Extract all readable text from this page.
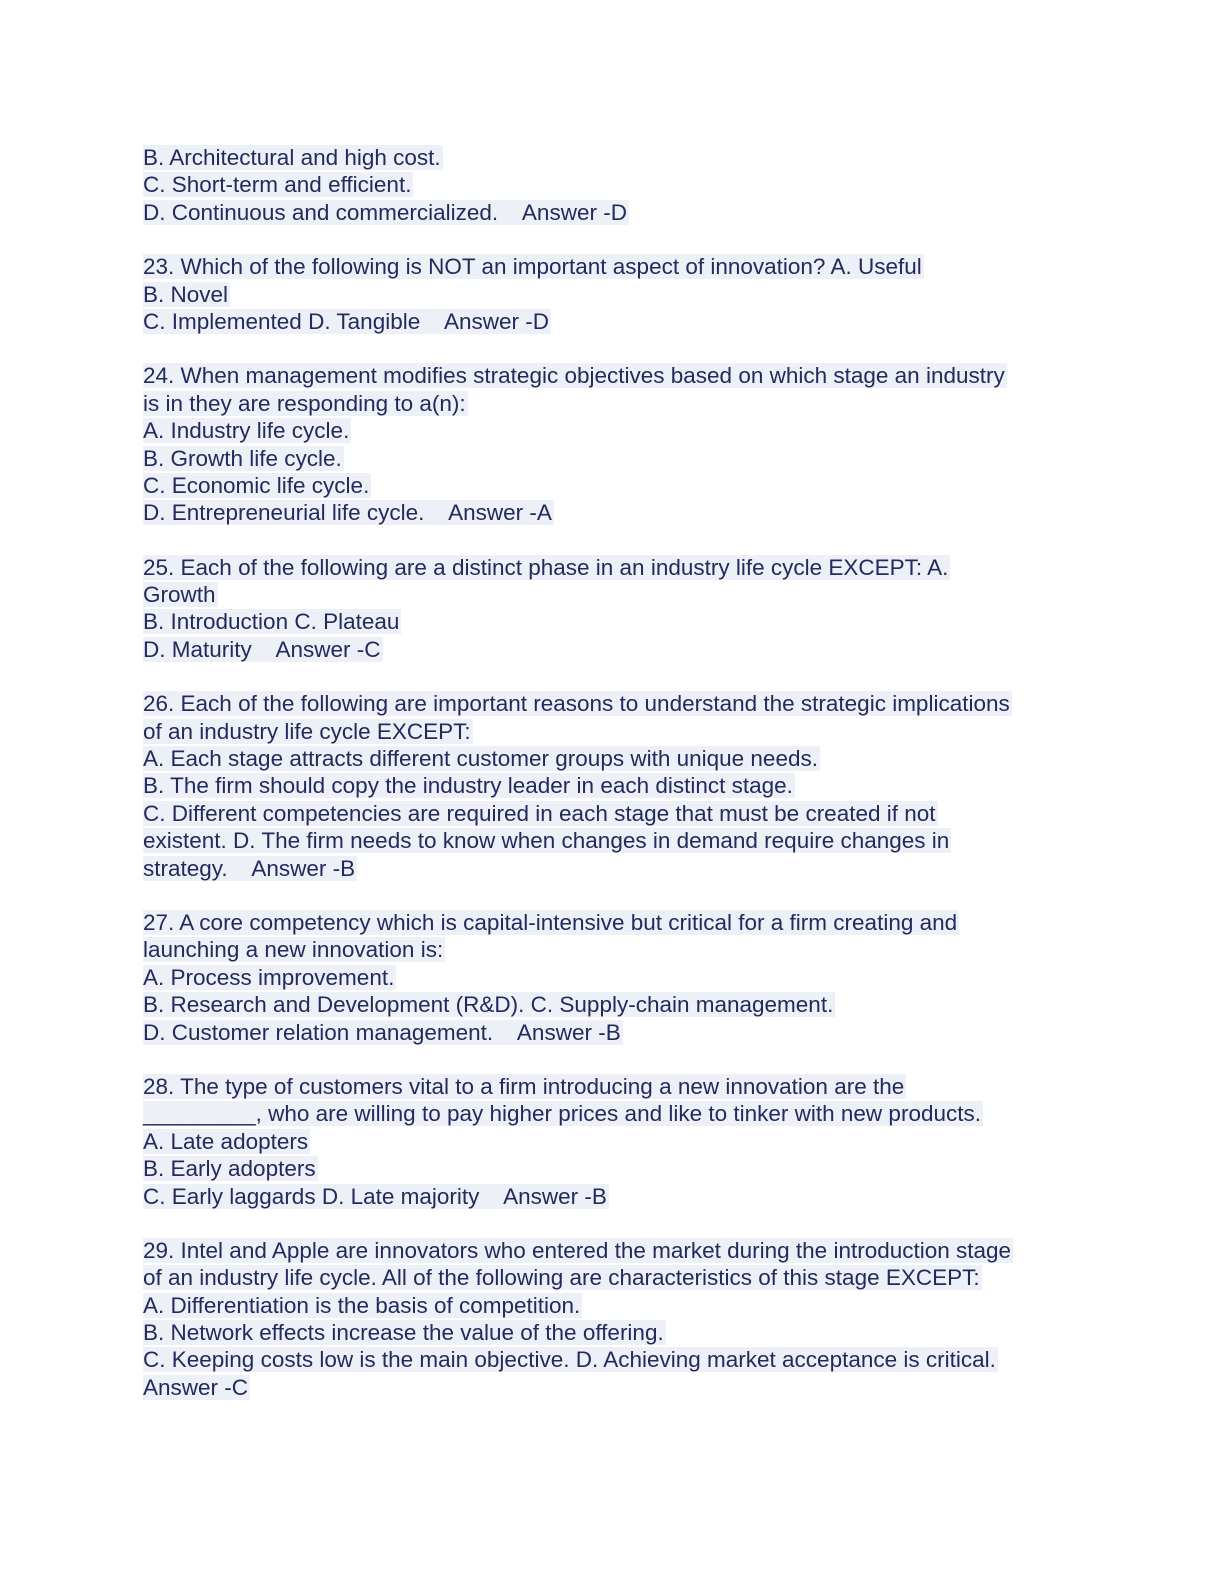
B. Architectural and high cost.
C. Short-term and efficient.
D. Continuous and commercialized.    Answer -D
23. Which of the following is NOT an important aspect of innovation? A. Useful
B. Novel
C. Implemented D. Tangible    Answer -D
24. When management modifies strategic objectives based on which stage an industry
is in they are responding to a(n):
A. Industry life cycle.
B. Growth life cycle.
C. Economic life cycle.
D. Entrepreneurial life cycle.    Answer -A
25. Each of the following are a distinct phase in an industry life cycle EXCEPT: A.
Growth
B. Introduction C. Plateau
D. Maturity    Answer -C
26. Each of the following are important reasons to understand the strategic implications
of an industry life cycle EXCEPT:
A. Each stage attracts different customer groups with unique needs.
B. The firm should copy the industry leader in each distinct stage.
C. Different competencies are required in each stage that must be created if not
existent. D. The firm needs to know when changes in demand require changes in
strategy.    Answer -B
27. A core competency which is capital-intensive but critical for a firm creating and
launching a new innovation is:
A. Process improvement.
B. Research and Development (R&D). C. Supply-chain management.
D. Customer relation management.    Answer -B
28. The type of customers vital to a firm introducing a new innovation are the
_________, who are willing to pay higher prices and like to tinker with new products.
A. Late adopters
B. Early adopters
C. Early laggards D. Late majority    Answer -B
29. Intel and Apple are innovators who entered the market during the introduction stage
of an industry life cycle. All of the following are characteristics of this stage EXCEPT:
A. Differentiation is the basis of competition.
B. Network effects increase the value of the offering.
C. Keeping costs low is the main objective. D. Achieving market acceptance is critical.
Answer -C
